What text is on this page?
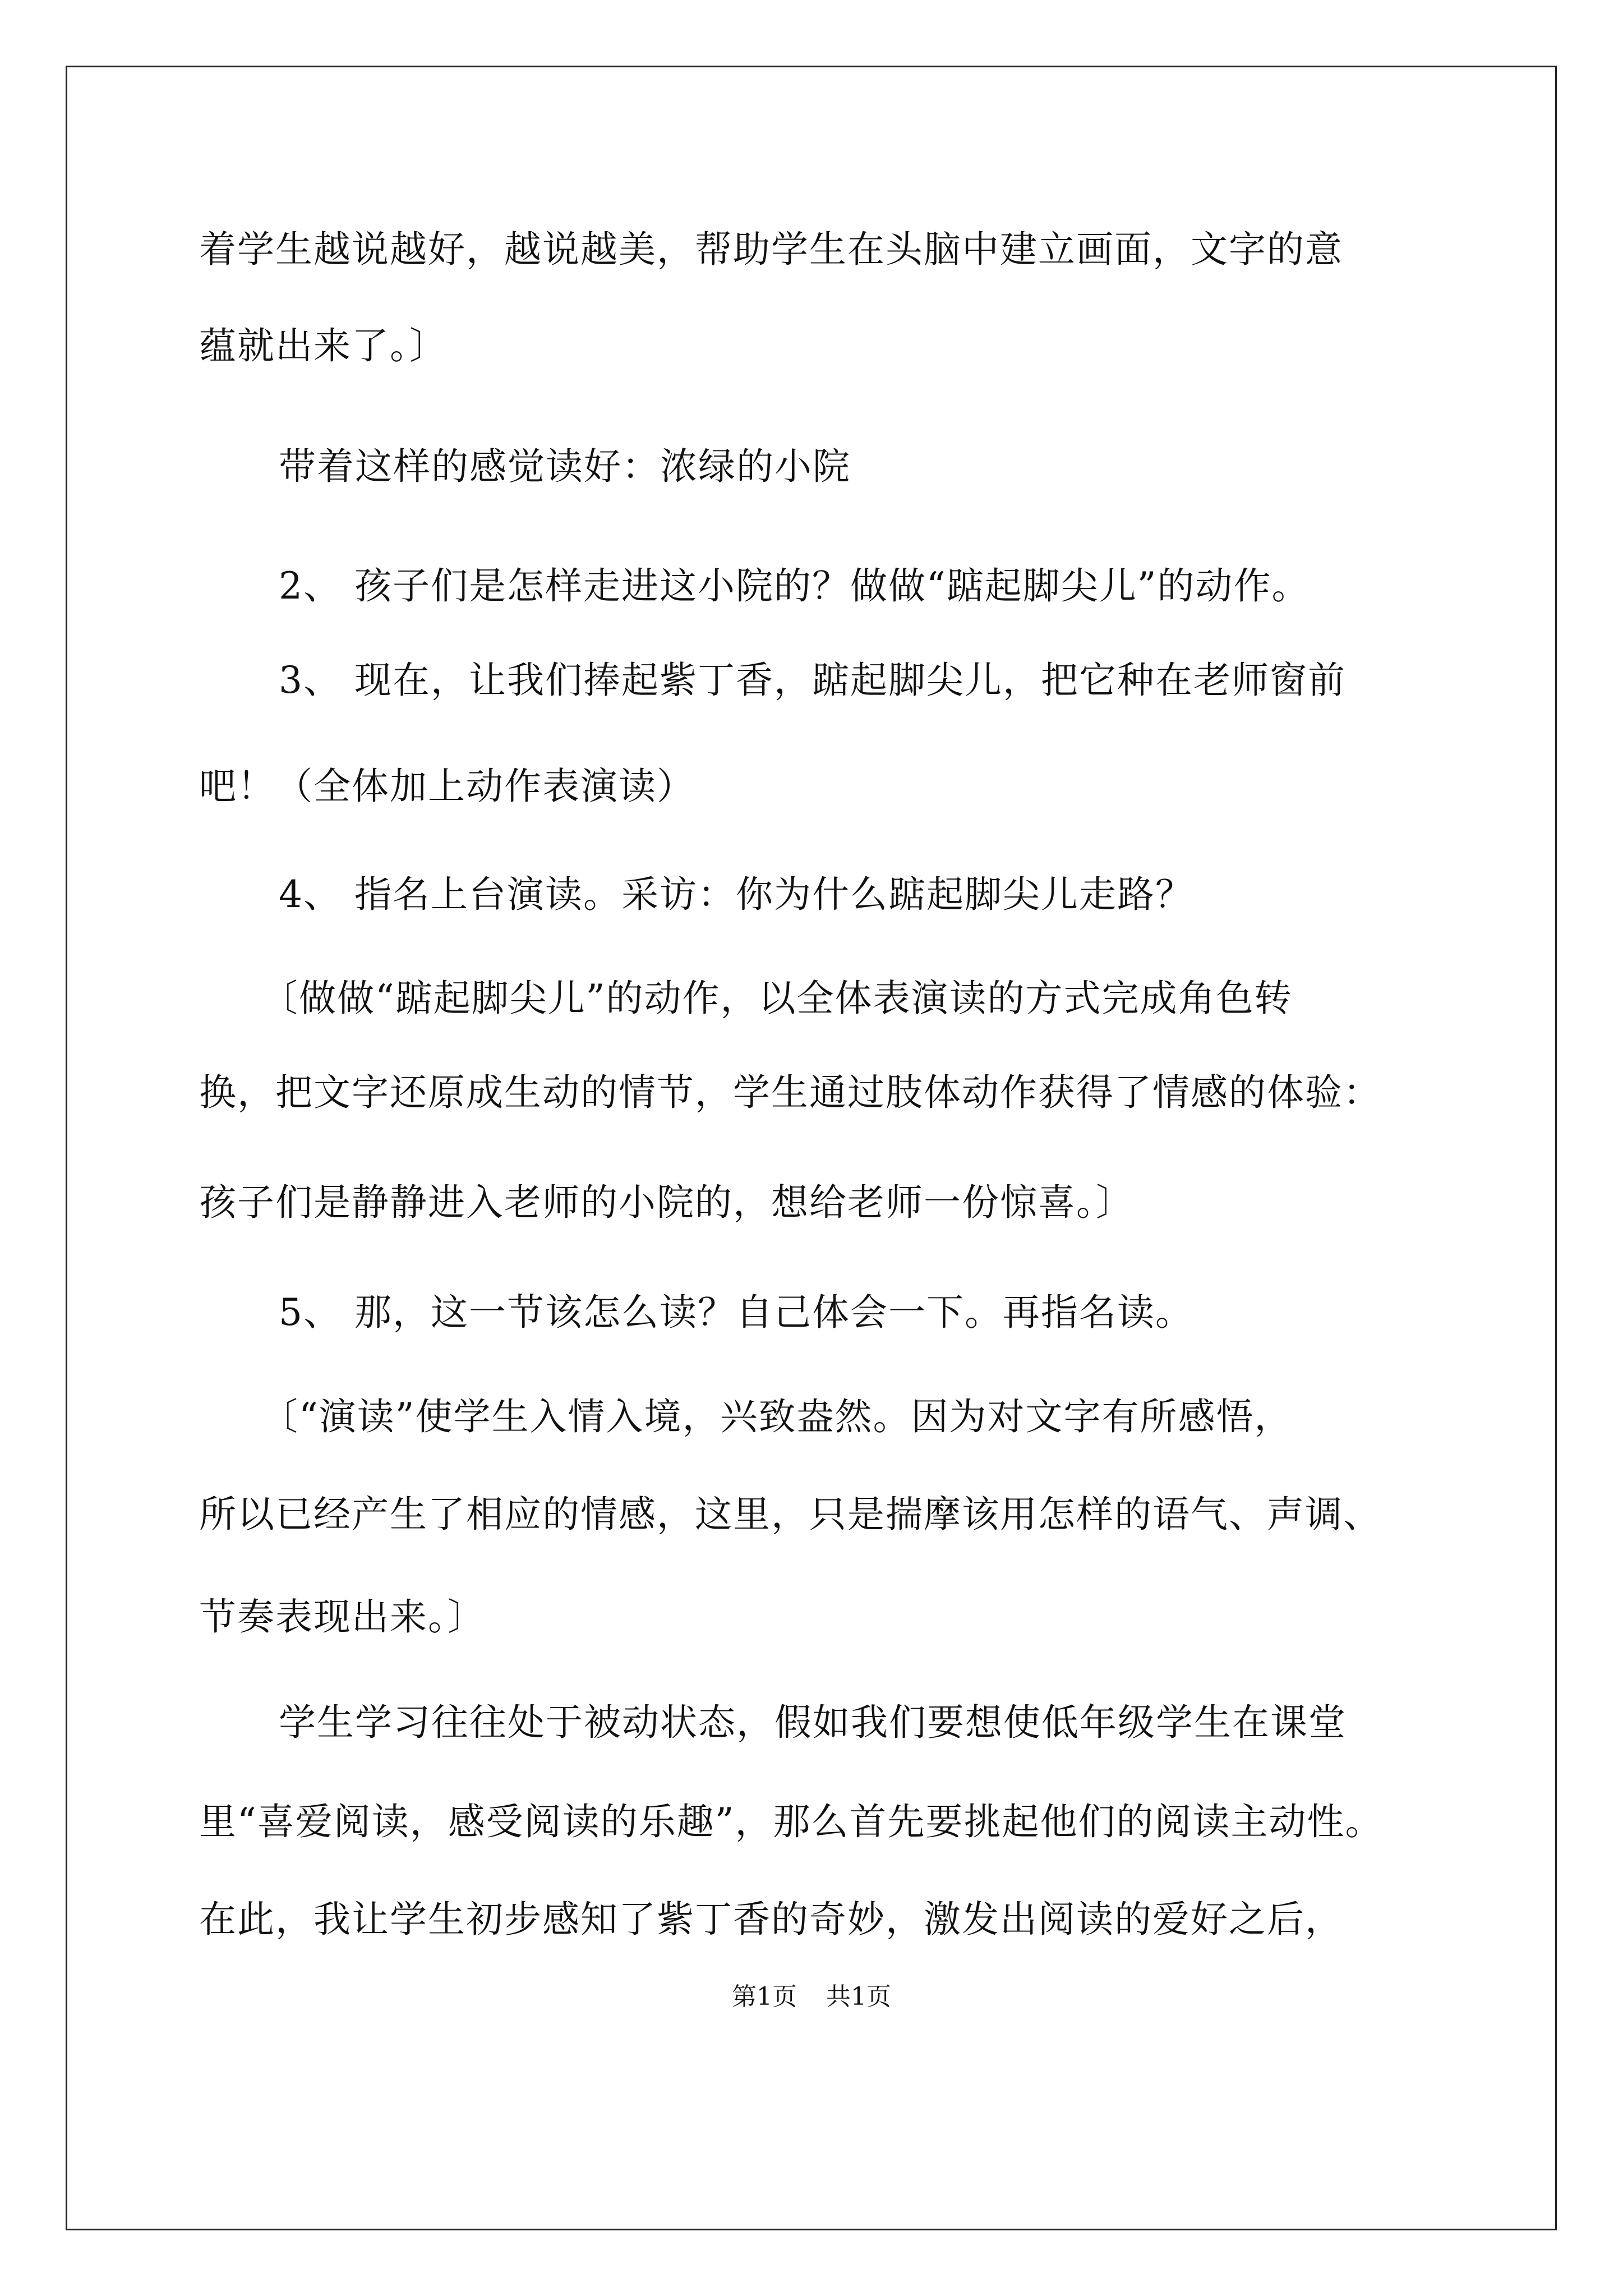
着学生越说越好，越说越美，帮助学生在头脑中建立画面，文字的意
蕴就出来了。〕
带着这样的感觉读好：浓绿的小院
2、 孩子们是怎样走进这小院的？做做“踮起脚尖儿”的动作。
3、 现在，让我们捧起紫丁香，踮起脚尖儿，把它种在老师窗前
吧！（全体加上动作表演读）
4、 指名上台演读。采访：你为什么踮起脚尖儿走路？
〔做做“踮起脚尖儿”的动作，以全体表演读的方式完成角色转
换，把文字还原成生动的情节，学生通过肢体动作获得了情感的体验：
孩子们是静静进入老师的小院的，想给老师一份惊喜。〕
5、 那，这一节该怎么读？自己体会一下。再指名读。
〔“演读”使学生入情入境，兴致盎然。因为对文字有所感悟，
所以已经产生了相应的情感，这里，只是揣摩该用怎样的语气、声调、
节奏表现出来。〕
学生学习往往处于被动状态，假如我们要想使低年级学生在课堂
里“喜爱阅读，感受阅读的乐趣”，那么首先要挑起他们的阅读主动性。
在此，我让学生初步感知了紫丁香的奇妙，激发出阅读的爱好之后，
第1页 共1页
